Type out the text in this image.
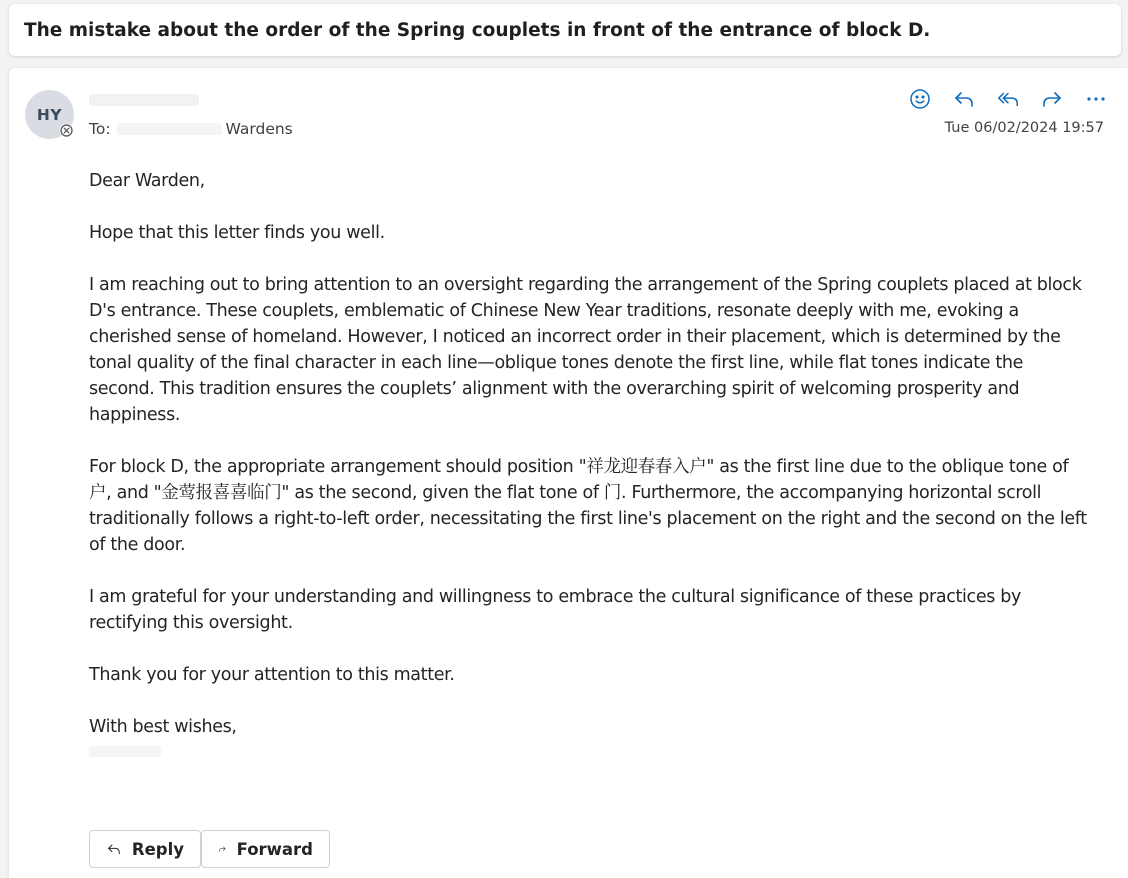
The mistake about the order of the Spring couplets in front of the entrance of block D.
HY
To:	Wardens	Tue 06/02/2024 19:57

Dear Warden,

Hope that this letter finds you well.

I am reaching out to bring attention to an oversight regarding the arrangement of the Spring couplets placed at block D's entrance. These couplets, emblematic of Chinese New Year traditions, resonate deeply with me, evoking a cherished sense of homeland. However, I noticed an incorrect order in their placement, which is determined by the tonal quality of the final character in each line—oblique tones denote the first line, while flat tones indicate the second. This tradition ensures the couplets’ alignment with the overarching spirit of welcoming prosperity and happiness.

For block D, the appropriate arrangement should position "祥龙迎春春入户" as the first line due to the oblique tone of 户, and "金莺报喜喜临门" as the second, given the flat tone of 门. Furthermore, the accompanying horizontal scroll traditionally follows a right-to-left order, necessitating the first line's placement on the right and the second on the left of the door.

I am grateful for your understanding and willingness to embrace the cultural significance of these practices by rectifying this oversight.

Thank you for your attention to this matter.

With best wishes,

Reply	Forward
